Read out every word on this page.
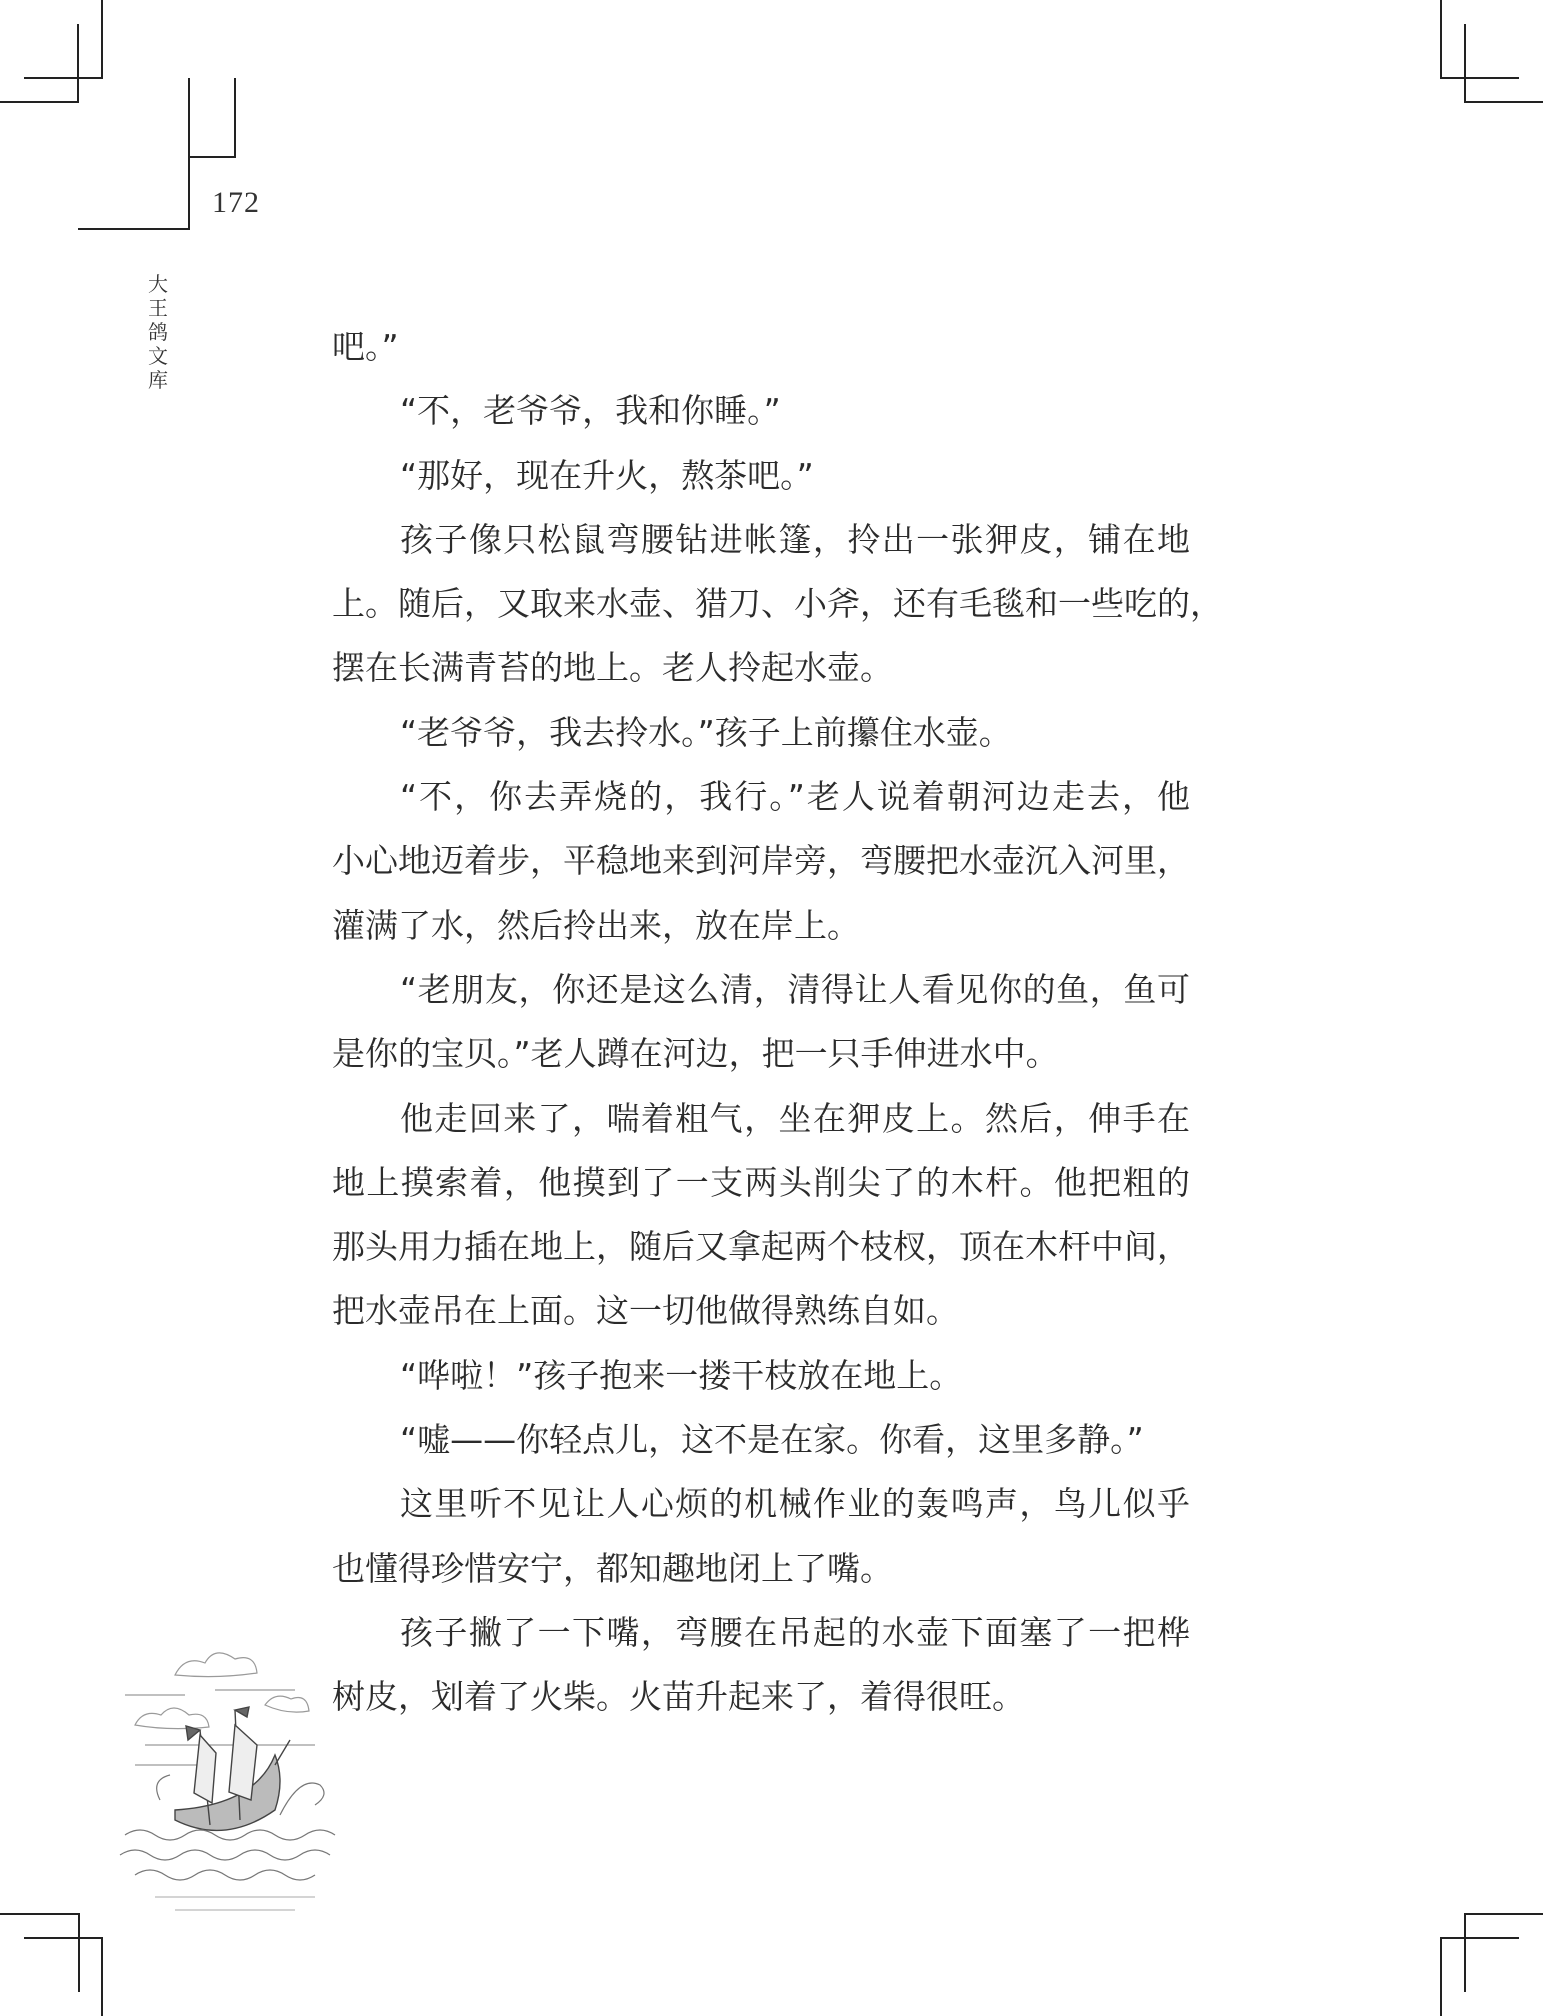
172
大
王
鸽
文
库
吧。”
“不，老爷爷，我和你睡。”
“那好，现在升火，熬茶吧。”
孩子像只松鼠弯腰钻进帐篷，拎出一张狎皮，铺在地
上。随后，又取来水壶、猎刀、小斧，还有毛毯和一些吃的，
摆在长满青苔的地上。老人拎起水壶。
“老爷爷，我去拎水。”孩子上前攥住水壶。
“不，你去弄烧的，我行。”老人说着朝河边走去，他
小心地迈着步，平稳地来到河岸旁，弯腰把水壶沉入河里，
灌满了水，然后拎出来，放在岸上。
“老朋友，你还是这么清，清得让人看见你的鱼，鱼可
是你的宝贝。”老人蹲在河边，把一只手伸进水中。
他走回来了，喘着粗气，坐在狎皮上。然后，伸手在
地上摸索着，他摸到了一支两头削尖了的木杆。他把粗的
那头用力插在地上，随后又拿起两个枝杈，顶在木杆中间，
把水壶吊在上面。这一切他做得熟练自如。
“哗啦！”孩子抱来一搂干枝放在地上。
“嘘——你轻点儿，这不是在家。你看，这里多静。”
这里听不见让人心烦的机械作业的轰鸣声，鸟儿似乎
也懂得珍惜安宁，都知趣地闭上了嘴。
孩子撇了一下嘴，弯腰在吊起的水壶下面塞了一把桦
树皮，划着了火柴。火苗升起来了，着得很旺。
